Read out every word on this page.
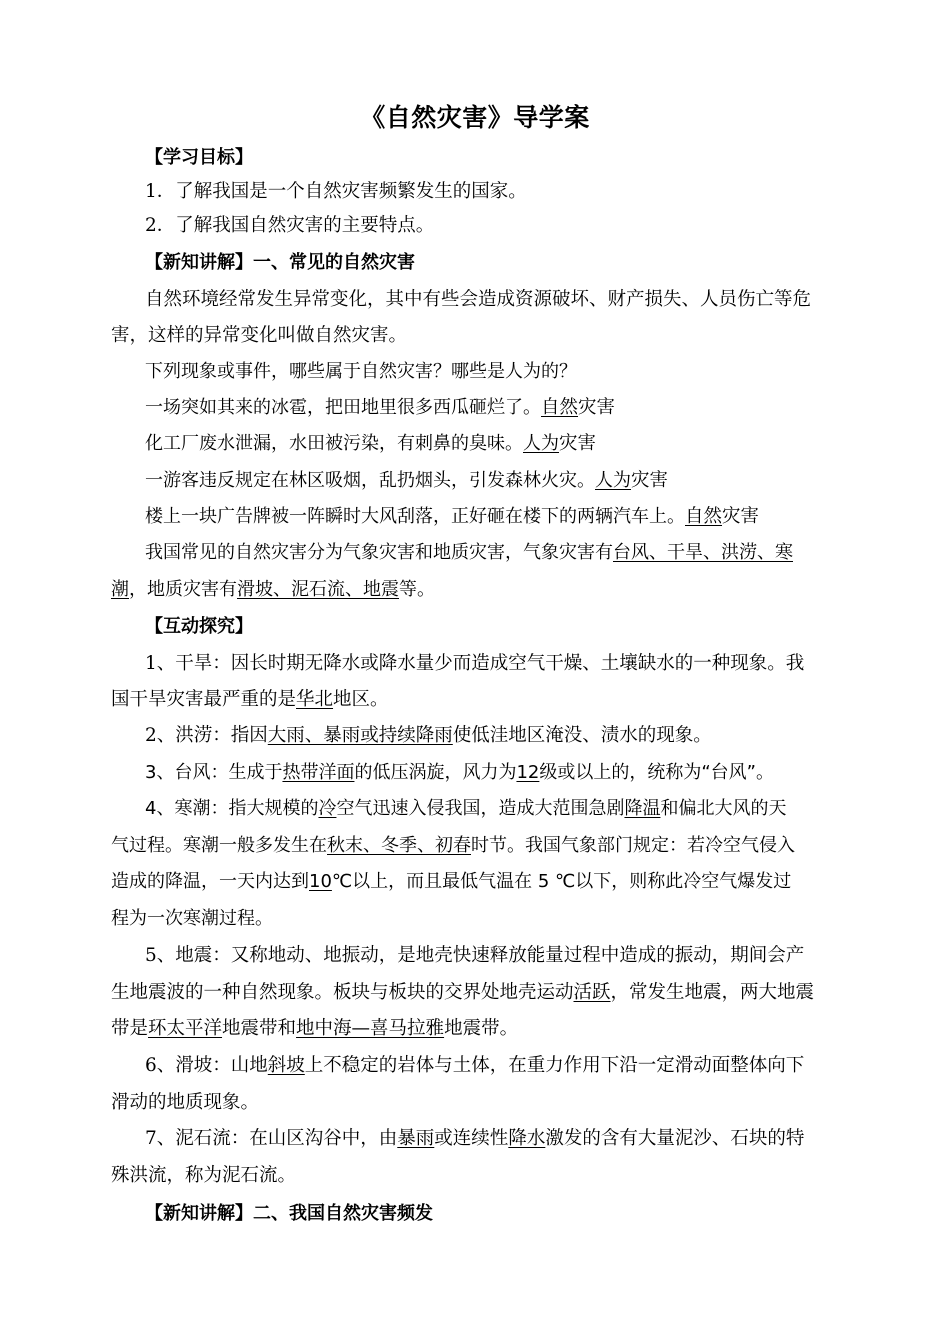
《自然灾害》导学案
【学习目标】
1．了解我国是一个自然灾害频繁发生的国家。
2．了解我国自然灾害的主要特点。
【新知讲解】一、常见的自然灾害
自然环境经常发生异常变化，其中有些会造成资源破坏、财产损失、人员伤亡等危
害，这样的异常变化叫做自然灾害。
下列现象或事件，哪些属于自然灾害？哪些是人为的？
一场突如其来的冰雹，把田地里很多西瓜砸烂了。自然灾害
化工厂废水泄漏，水田被污染，有刺鼻的臭味。人为灾害
一游客违反规定在林区吸烟，乱扔烟头，引发森林火灾。人为灾害
楼上一块广告牌被一阵瞬时大风刮落，正好砸在楼下的两辆汽车上。自然灾害
我国常见的自然灾害分为气象灾害和地质灾害，气象灾害有台风、干旱、洪涝、寒
潮，地质灾害有滑坡、泥石流、地震等。
【互动探究】
1、干旱：因长时期无降水或降水量少而造成空气干燥、土壤缺水的一种现象。我
国干旱灾害最严重的是华北地区。
2、洪涝：指因大雨、暴雨或持续降雨使低洼地区淹没、渍水的现象。
3、台风：生成于热带洋面的低压涡旋，风力为12级或以上的，统称为“台风”。
4、寒潮：指大规模的冷空气迅速入侵我国，造成大范围急剧降温和偏北大风的天
气过程。寒潮一般多发生在秋末、冬季、初春时节。我国气象部门规定：若冷空气侵入
造成的降温，一天内达到10℃以上，而且最低气温在 5 ℃以下，则称此冷空气爆发过
程为一次寒潮过程。
5、地震：又称地动、地振动，是地壳快速释放能量过程中造成的振动，期间会产
生地震波的一种自然现象。板块与板块的交界处地壳运动活跃，常发生地震，两大地震
带是环太平洋地震带和地中海—喜马拉雅地震带。
6、滑坡：山地斜坡上不稳定的岩体与土体，在重力作用下沿一定滑动面整体向下
滑动的地质现象。
7、泥石流：在山区沟谷中，由暴雨或连续性降水激发的含有大量泥沙、石块的特
殊洪流，称为泥石流。
【新知讲解】二、我国自然灾害频发
